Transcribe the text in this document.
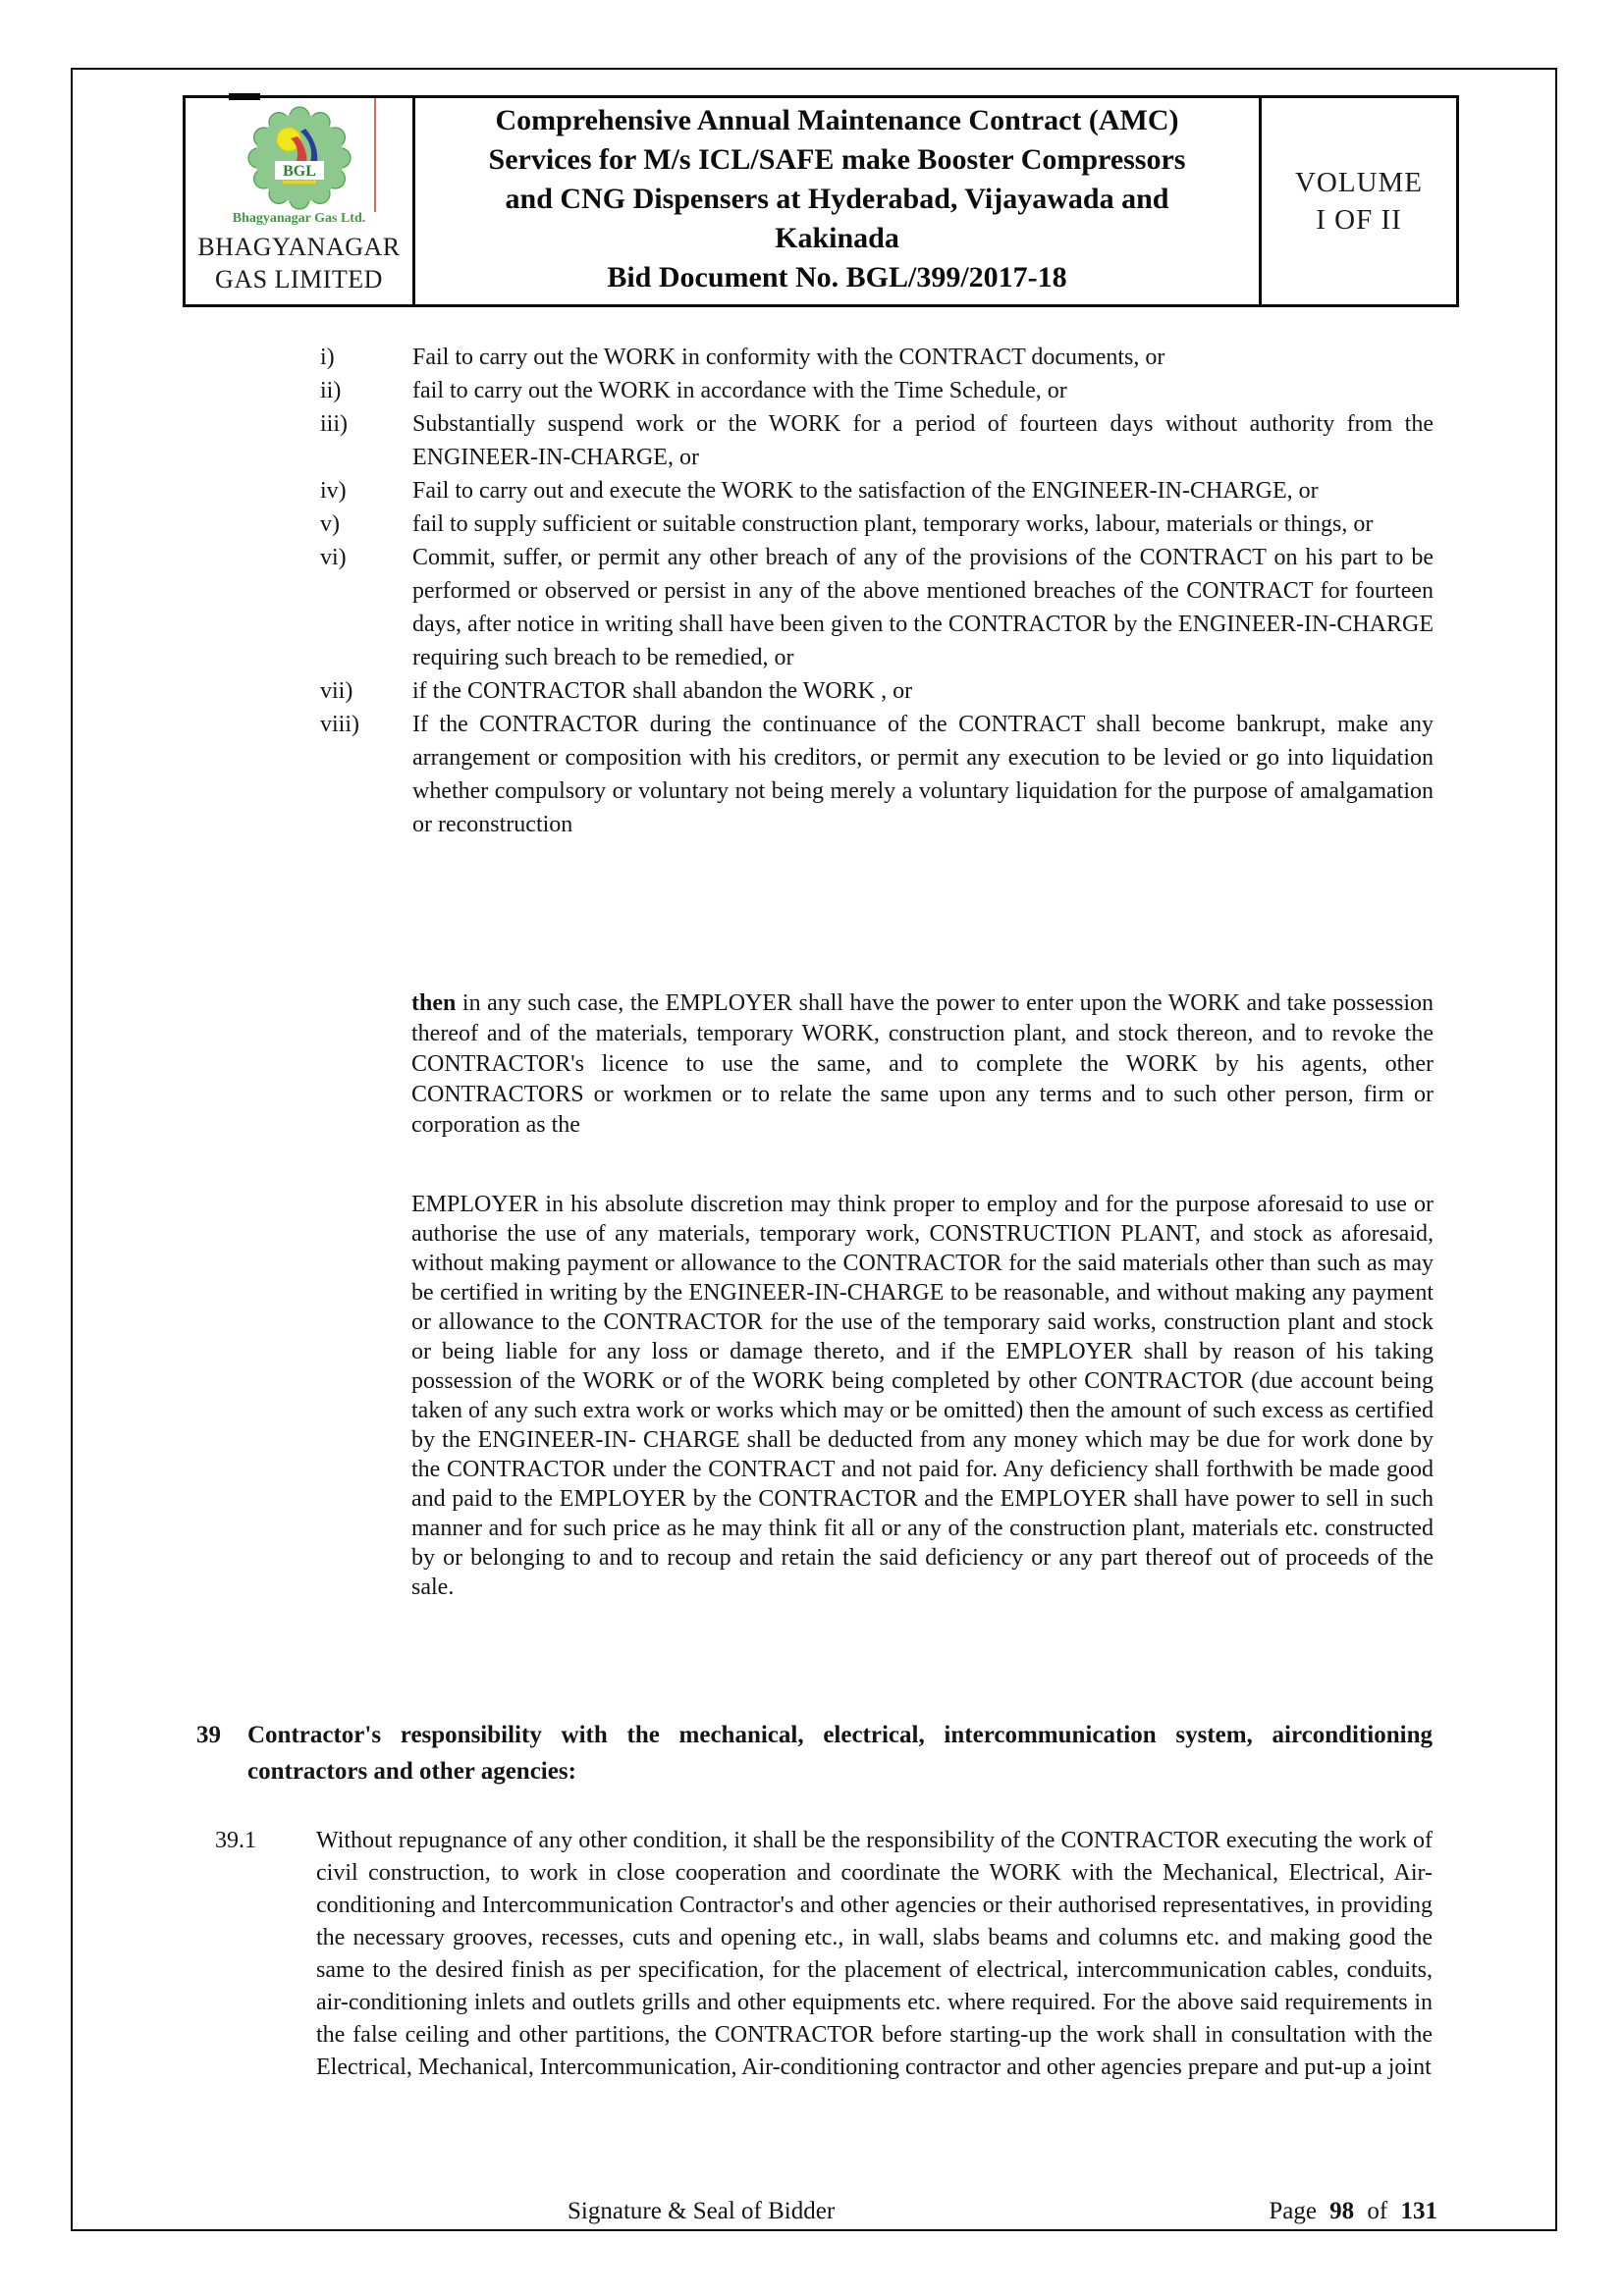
BGL
Bhagyanagar Gas Ltd.
BHAGYANAGAR
GAS LIMITED
Comprehensive Annual Maintenance Contract (AMC)
Services for M/s ICL/SAFE make Booster Compressors
and CNG Dispensers at Hyderabad, Vijayawada and
Kakinada
Bid Document No. BGL/399/2017-18
VOLUME
I OF II
i)	Fail to carry out the WORK in conformity with the CONTRACT documents, or
ii)	fail to carry out the WORK in accordance with the Time Schedule, or
iii)	Substantially suspend work or the WORK for a period of fourteen days without authority from the ENGINEER-IN-CHARGE, or
iv)	Fail to carry out and execute the WORK to the satisfaction of the ENGINEER-IN-CHARGE, or
v)	fail to supply sufficient or suitable construction plant, temporary works, labour, materials or things, or
vi)	Commit, suffer, or permit any other breach of any of the provisions of the CONTRACT on his part to be performed or observed or persist in any of the above mentioned breaches of the CONTRACT for fourteen days, after notice in writing shall have been given to the CONTRACTOR by the ENGINEER-IN-CHARGE requiring such breach to be remedied, or
vii)	if the CONTRACTOR shall abandon the WORK , or
viii)	If the CONTRACTOR during the continuance of the CONTRACT shall become bankrupt, make any arrangement or composition with his creditors, or permit any execution to be levied or go into liquidation whether compulsory or voluntary not being merely a voluntary liquidation for the purpose of amalgamation or reconstruction
then in any such case, the EMPLOYER shall have the power to enter upon the WORK and take possession thereof and of the materials, temporary WORK, construction plant, and stock thereon, and to revoke the CONTRACTOR's licence to use the same, and to complete the WORK by his agents, other CONTRACTORS or workmen or to relate the same upon any terms and to such other person, firm or corporation as the
EMPLOYER in his absolute discretion may think proper to employ and for the purpose aforesaid to use or authorise the use of any materials, temporary work, CONSTRUCTION PLANT, and stock as aforesaid, without making payment or allowance to the CONTRACTOR for the said materials other than such as may be certified in writing by the ENGINEER-IN-CHARGE to be reasonable, and without making any payment or allowance to the CONTRACTOR for the use of the temporary said works, construction plant and stock or being liable for any loss or damage thereto, and if the EMPLOYER shall by reason of his taking possession of the WORK or of the WORK being completed by other CONTRACTOR (due account being taken of any such extra work or works which may or be omitted) then the amount of such excess as certified by the ENGINEER-IN- CHARGE shall be deducted from any money which may be due for work done by the CONTRACTOR under the CONTRACT and not paid for. Any deficiency shall forthwith be made good and paid to the EMPLOYER by the CONTRACTOR and the EMPLOYER shall have power to sell in such manner and for such price as he may think fit all or any of the construction plant, materials etc. constructed by or belonging to and to recoup and retain the said deficiency or any part thereof out of proceeds of the sale.
39	Contractor's responsibility with the mechanical, electrical, intercommunication system, airconditioning contractors and other agencies:
39.1	Without repugnance of any other condition, it shall be the responsibility of the CONTRACTOR executing the work of civil construction, to work in close cooperation and coordinate the WORK with the Mechanical, Electrical, Air-conditioning and Intercommunication Contractor's and other agencies or their authorised representatives, in providing the necessary grooves, recesses, cuts and opening etc., in wall, slabs beams and columns etc. and making good the same to the desired finish as per specification, for the placement of electrical, intercommunication cables, conduits, air-conditioning inlets and outlets grills and other equipments etc. where required. For the above said requirements in the false ceiling and other partitions, the CONTRACTOR before starting-up the work shall in consultation with the Electrical, Mechanical, Intercommunication, Air-conditioning contractor and other agencies prepare and put-up a joint
Signature & Seal of Bidder	Page 98 of 131
